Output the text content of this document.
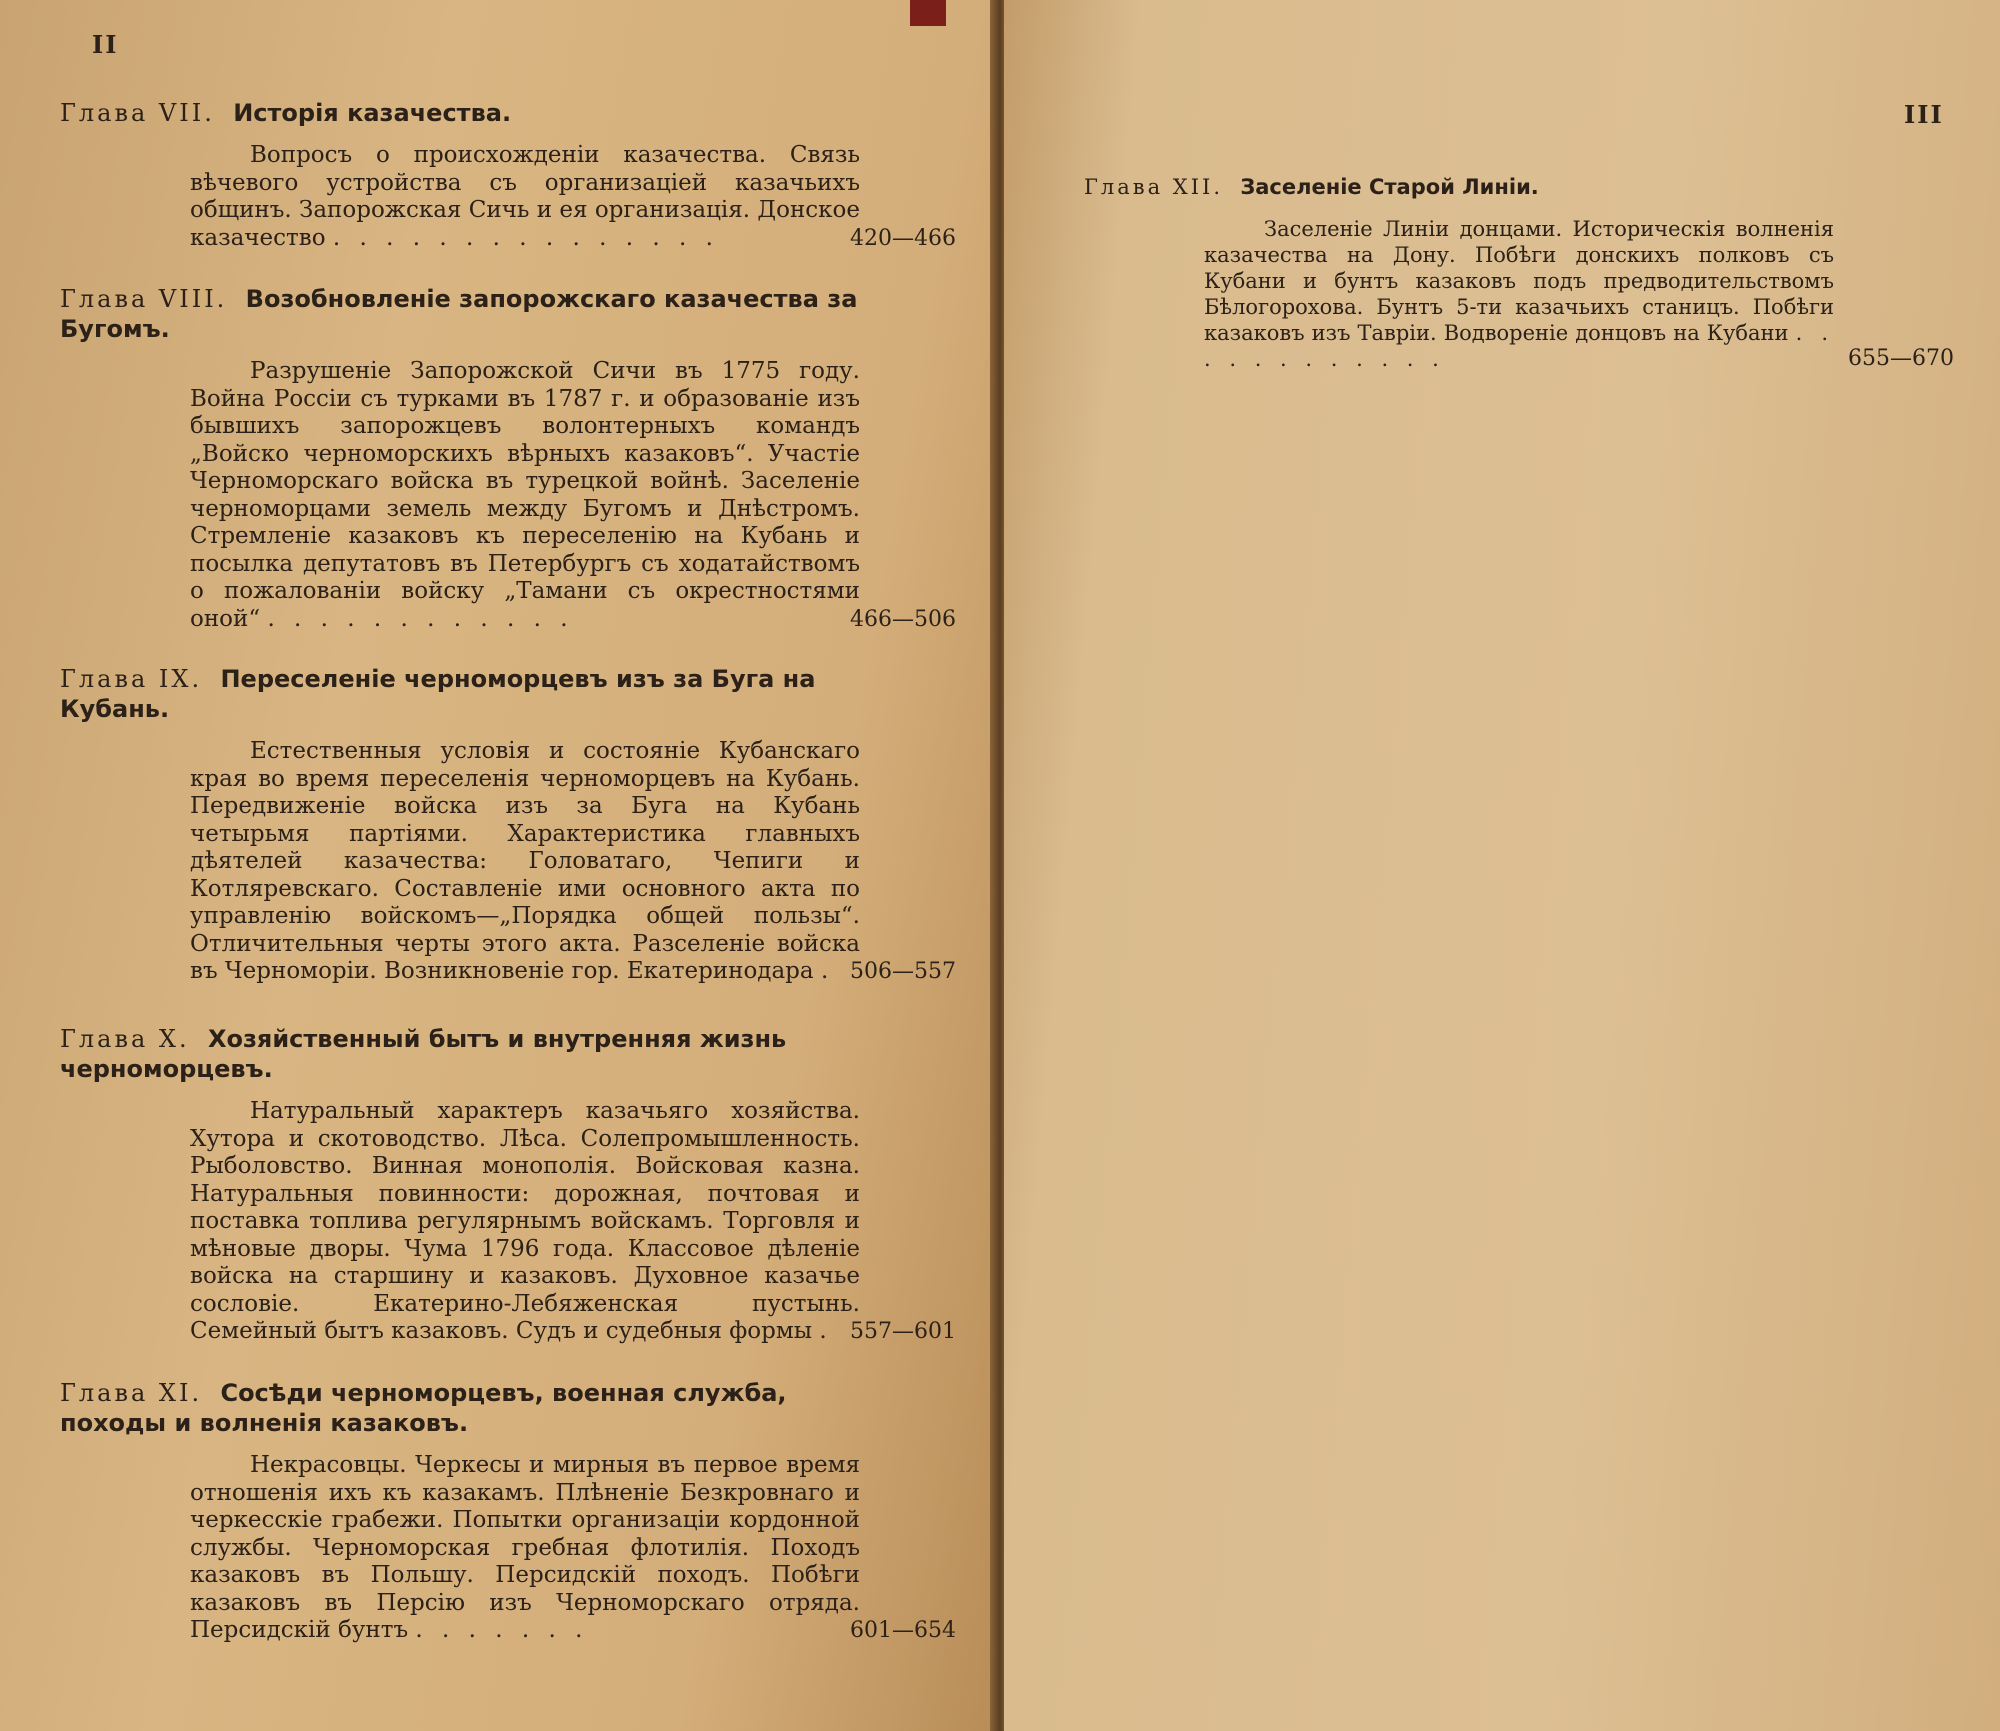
II
Глава VII. Исторія казачества.
Вопросъ о происхожденіи казачества. Связь вѣчевого устройства съ организаціей казачьихъ общинъ. Запорожская Сичь и ея организація. Донское казачество . . . . . . . . . . . . . . .	420—466
Глава VIII. Возобновленіе запорожскаго казачества за Бугомъ.
Разрушеніе Запорожской Сичи въ 1775 году. Война Россіи съ турками въ 1787 г. и образованіе изъ бывшихъ запорожцевъ волонтерныхъ командъ „Войско черноморскихъ вѣрныхъ казаковъ“. Участіе Черноморскаго войска въ турецкой войнѣ. Заселеніе черноморцами земель между Бугомъ и Днѣстромъ. Стремленіе казаковъ къ переселенію на Кубань и посылка депутатовъ въ Петербургъ съ ходатайствомъ о пожалованіи войску „Тамани съ окрестностями оной“ . . . . . . . . . . . .	466—506
Глава IX. Переселеніе черноморцевъ изъ за Буга на Кубань.
Естественныя условія и состояніе Кубанскаго края во время переселенія черноморцевъ на Кубань. Передвиженіе войска изъ за Буга на Кубань четырьмя партіями. Характеристика главныхъ дѣятелей казачества: Головатаго, Чепиги и Котляревскаго. Составленіе ими основного акта по управленію войскомъ—„Порядка общей пользы“. Отличительныя черты этого акта. Разселеніе войска въ Черноморіи. Возникновеніе гор. Екатеринодара . 506—557
Глава X. Хозяйственный бытъ и внутренняя жизнь черноморцевъ.
Натуральный характеръ казачьяго хозяйства. Хутора и скотоводство. Лѣса. Солепромышленность. Рыболовство. Винная монополія. Войсковая казна. Натуральныя повинности: дорожная, почтовая и поставка топлива регулярнымъ войскамъ. Торговля и мѣновые дворы. Чума 1796 года. Классовое дѣленіе войска на старшину и казаковъ. Духовное казачье сословіе. Екатерино-Лебяженская пустынь. Семейный бытъ казаковъ. Судъ и судебныя формы . 557—601
Глава XI. Сосѣди черноморцевъ, военная служба, походы и волненія казаковъ.
Некрасовцы. Черкесы и мирныя въ первое время отношенія ихъ къ казакамъ. Плѣненіе Безкровнаго и черкесскіе грабежи. Попытки организаціи кордонной службы. Черноморская гребная флотилія. Походъ казаковъ въ Польшу. Персидскій походъ. Побѣги казаковъ въ Персію изъ Черноморскаго отряда. Персидскій бунтъ . . . . . . .	601—654
III
Глава XII. Заселеніе Старой Линіи.
Заселеніе Линіи донцами. Историческія волненія казачества на Дону. Побѣги донскихъ полковъ съ Кубани и бунтъ казаковъ подъ предводительствомъ Бѣлогорохова. Бунтъ 5-ти казачьихъ станицъ. Побѣги казаковъ изъ Тавріи. Водвореніе донцовъ на Кубани . . . . . . . . . . . .	655—670
